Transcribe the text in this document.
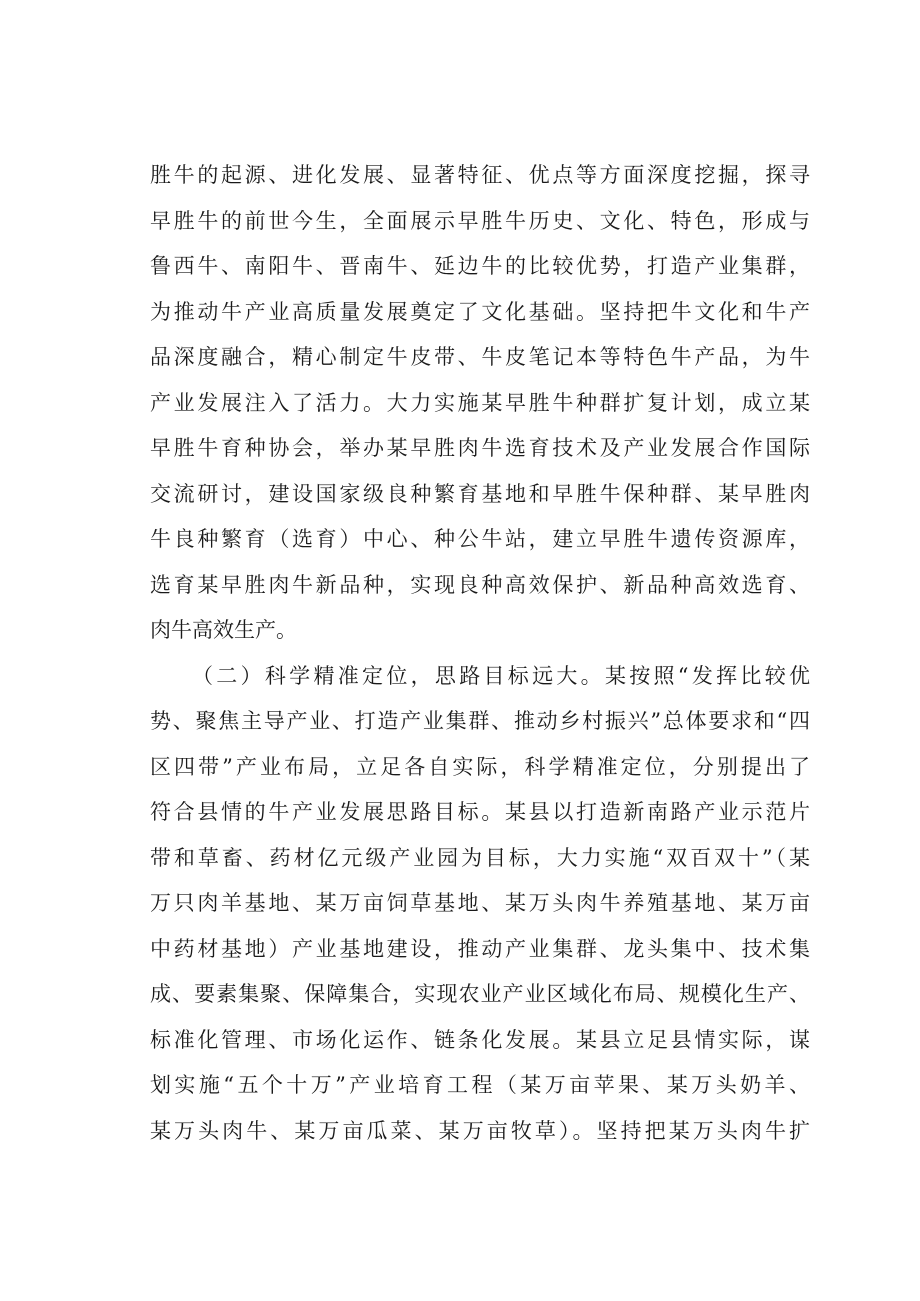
胜牛的起源、进化发展、显著特征、优点等方面深度挖掘，探寻
早胜牛的前世今生，全面展示早胜牛历史、文化、特色，形成与
鲁西牛、南阳牛、晋南牛、延边牛的比较优势，打造产业集群，
为推动牛产业高质量发展奠定了文化基础。坚持把牛文化和牛产
品深度融合，精心制定牛皮带、牛皮笔记本等特色牛产品，为牛
产业发展注入了活力。大力实施某早胜牛种群扩复计划，成立某
早胜牛育种协会，举办某早胜肉牛选育技术及产业发展合作国际
交流研讨，建设国家级良种繁育基地和早胜牛保种群、某早胜肉
牛良种繁育（选育）中心、种公牛站，建立早胜牛遗传资源库，
选育某早胜肉牛新品种，实现良种高效保护、新品种高效选育、
肉牛高效生产。
（二）科学精准定位，思路目标远大。某按照“发挥比较优
势、聚焦主导产业、打造产业集群、推动乡村振兴”总体要求和“四
区四带”产业布局，立足各自实际，科学精准定位，分别提出了
符合县情的牛产业发展思路目标。某县以打造新南路产业示范片
带和草畜、药材亿元级产业园为目标，大力实施“双百双十”（某
万只肉羊基地、某万亩饲草基地、某万头肉牛养殖基地、某万亩
中药材基地）产业基地建设，推动产业集群、龙头集中、技术集
成、要素集聚、保障集合，实现农业产业区域化布局、规模化生产、
标准化管理、市场化运作、链条化发展。某县立足县情实际，谋
划实施“五个十万”产业培育工程（某万亩苹果、某万头奶羊、
某万头肉牛、某万亩瓜菜、某万亩牧草）。坚持把某万头肉牛扩
